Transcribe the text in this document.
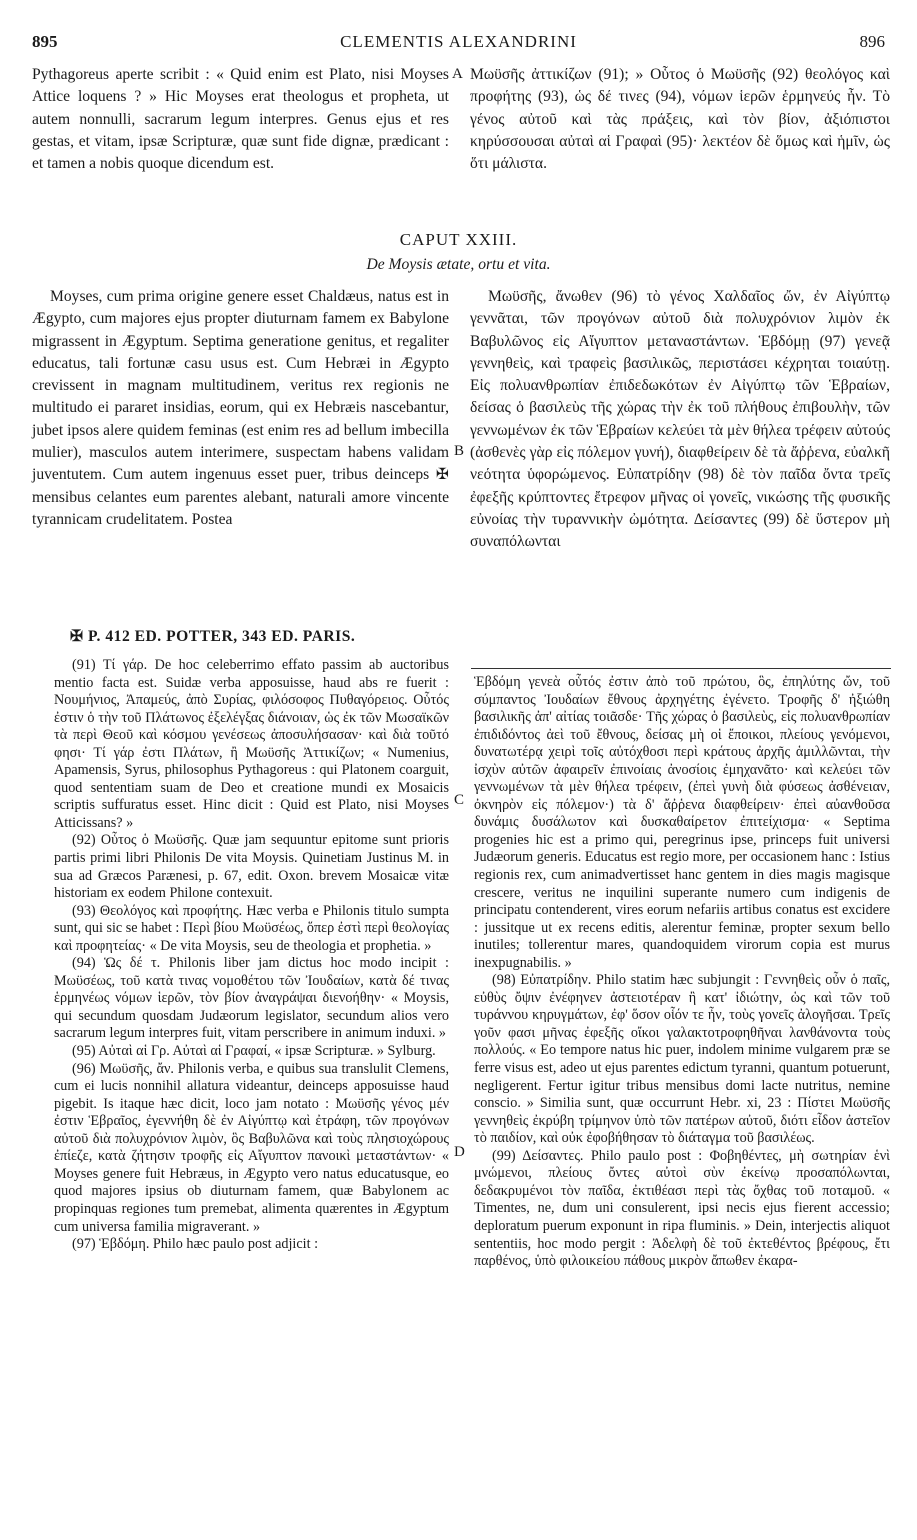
895	CLEMENTIS ALEXANDRINI	896
Pythagoreus aperte scribit : « Quid enim est Plato, nisi Moyses Attice loquens ? » Hic Moyses erat theologus et propheta, ut autem nonnulli, sacrarum legum interpres. Genus ejus et res gestas, et vitam, ipsæ Scripturæ, quæ sunt fide dignæ, prædicant : et tamen a nobis quoque dicendum est.
Μωϋσῆς ἀττικίζων (91); » Οὗτος ὁ Μωϋσῆς (92) θεολόγος καὶ προφήτης (93), ὡς δέ τινες (94), νόμων ἱερῶν ἑρμηνεύς ἦν. Τὸ γένος αὐτοῦ καὶ τὰς πράξεις, καὶ τὸν βίον, ἀξιόπιστοι κηρύσσουσαι αὐταὶ αἱ Γραφαὶ (95)· λεκτέον δὲ ὅμως καὶ ἡμῖν, ὡς ὅτι μάλιστα.
CAPUT XXIII.
De Moysis ætate, ortu et vita.

Moyses, cum prima origine genere esset Chaldæus, natus est in Ægypto, cum majores ejus propter diuturnam famem ex Babylone migrassent in Ægyptum. Septima generatione genitus, et regaliter educatus, tali fortunæ casu usus est. Cum Hebræi in Ægypto crevissent in magnam multitudinem, veritus rex regionis ne multitudo ei pararet insidias, eorum, qui ex Hebræis nascebantur, jubet ipsos alere quidem feminas (est enim res ad bellum imbecilla mulier), masculos autem interimere, suspectam habens validam juventutem. Cum autem ingenuus esset puer, tribus deinceps ✠ mensibus celantes eum parentes alebant, naturali amore vincente tyrannicam crudelitatem. Postea

Μωϋσῆς, ἄνωθεν (96) τὸ γένος Χαλδαῖος ὤν, ἐν Αἰγύπτῳ γεννᾶται, τῶν προγόνων αὐτοῦ διὰ πολυχρόνιον λιμὸν ἐκ Βαβυλῶνος εἰς Αἴγυπτον μεταναστάντων. Ἑβδόμῃ (97) γενεᾷ γεννηθεὶς, καὶ τραφεὶς βασιλικῶς, περιστάσει κέχρηται τοιαύτῃ. Εἰς πολυανθρωπίαν ἐπιδεδωκότων ἐν Αἰγύπτῳ τῶν Ἑβραίων, δείσας ὁ βασιλεὺς τῆς χώρας τὴν ἐκ τοῦ πλήθους ἐπιβουλὴν, τῶν γεννωμένων ἐκ τῶν Ἑβραίων κελεύει τὰ μὲν θήλεα τρέφειν αὐτούς (ἀσθενὲς γὰρ εἰς πόλεμον γυνή), διαφθείρειν δὲ τὰ ἄῤῥενα, εὐαλκῆ νεότητα ὑφορώμενος. Εὐπατρίδην (98) δὲ τὸν παῖδα ὄντα τρεῖς ἐφεξῆς κρύπτοντες ἔτρεφον μῆνας οἱ γονεῖς, νικώσης τῆς φυσικῆς εὐνοίας τὴν τυραννικὴν ὠμότητα. Δείσαντες (99) δὲ ὕστερον μὴ συναπόλωνται

✠ P. 412 ED. POTTER, 343 ED. PARIS.

(91) Τί γάρ. De hoc celeberrimo effato passim ab auctoribus mentio facta est. Suidæ verba apposuisse, haud abs re fuerit : Νουμήνιος, Ἀπαμεύς, ἀπὸ Συρίας, φιλόσοφος Πυθαγόρειος. Οὗτός ἐστιν ὁ τὴν τοῦ Πλάτωνος ἐξελέγξας διάνοιαν, ὡς ἐκ τῶν Μωσαϊκῶν τὰ περὶ Θεοῦ καὶ κόσμου γενέσεως ἀποσυλήσασαν· καὶ διὰ τοῦτό φησι· Τί γάρ ἐστι Πλάτων, ἢ Μωϋσῆς Ἀττικίζων; « Numenius, Apamensis, Syrus, philosophus Pythagoreus : qui Platonem coarguit, quod sententiam suam de Deo et creatione mundi ex Mosaicis scriptis suffuratus esset. Hinc dicit : Quid est Plato, nisi Moyses Atticissans? »

(92) Οὗτος ὁ Μωϋσῆς. Quæ jam sequuntur epitome sunt prioris partis primi libri Philonis De vita Moysis. Quinetiam Justinus M. in sua ad Græcos Parænesi, p. 67, edit. Oxon. brevem Mosaicæ vitæ historiam ex eodem Philone contexuit.

(93) Θεολόγος καὶ προφήτης. Hæc verba e Philonis titulo sumpta sunt, qui sic se habet : Περὶ βίου Μωϋσέως, ὅπερ ἐστὶ περὶ θεολογίας καὶ προφητείας· « De vita Moysis, seu de theologia et prophetia. »

(94) Ὡς δέ τ. Philonis liber jam dictus hoc modo incipit : Μωϋσέως, τοῦ κατὰ τινας νομοθέτου τῶν Ἰουδαίων, κατὰ δέ τινας ἑρμηνέως νόμων ἱερῶν, τὸν βίον ἀναγράψαι διενοήθην· « Moysis, qui secundum quosdam Judæorum legislator, secundum alios vero sacrarum legum interpres fuit, vitam perscribere in animum induxi. »

(95) Αὐταὶ αἱ Γρ. Αὐταὶ αἱ Γραφαί, « ipsæ Scripturæ. » Sylburg.

(96) Μωϋσῆς, ἄν. Philonis verba, e quibus sua translulit Clemens, cum ei lucis nonnihil allatura videantur, deinceps apposuisse haud pigebit. Is itaque hæc dicit, loco jam notato : Μωϋσῆς γένος μέν ἐστιν Ἑβραῖος, ἐγεννήθη δὲ ἐν Αἰγύπτῳ καὶ ἐτράφη, τῶν προγόνων αὐτοῦ διὰ πολυχρόνιον λιμὸν, ὃς Βαβυλῶνα καὶ τοὺς πλησιοχώρους ἐπίεζε, κατὰ ζήτησιν τροφῆς εἰς Αἴγυπτον πανοικὶ μεταστάντων· « Moyses genere fuit Hebræus, in Ægypto vero natus educatusque, eo quod majores ipsius ob diuturnam famem, quæ Babylonem ac propinquas regiones tum premebat, alimenta quærentes in Ægyptum cum universa familia migraverant. »

(97) Ἑβδόμη. Philo hæc paulo post adjicit :

Ἑβδόμη γενεὰ οὗτός ἐστιν ἀπὸ τοῦ πρώτου, ὃς, ἐπηλύτης ὤν, τοῦ σύμπαντος Ἰουδαίων ἔθνους ἀρχηγέτης ἐγένετο. Τροφῆς δ' ἠξιώθη βασιλικῆς ἀπ' αἰτίας τοιᾶσδε· Τῆς χώρας ὁ βασιλεὺς, εἰς πολυανθρωπίαν ἐπιδιδόντος ἀεὶ τοῦ ἔθνους, δείσας μὴ οἱ ἔποικοι, πλείους γενόμενοι, δυνατωτέρᾳ χειρὶ τοῖς αὐτόχθοσι περὶ κράτους ἀρχῆς ἁμιλλῶνται, τὴν ἰσχὺν αὐτῶν ἀφαιρεῖν ἐπινοίαις ἀνοσίοις ἐμηχανᾶτο· καὶ κελεύει τῶν γεννωμένων τὰ μὲν θήλεα τρέφειν, (ἐπεὶ γυνὴ διὰ φύσεως ἀσθένειαν, ὀκνηρὸν εἰς πόλεμον·) τὰ δ' ἄῤῥενα διαφθείρειν· ἐπεὶ αὐανθοῦσα δυνάμις δυσάλωτον καὶ δυσκαθαίρετον ἐπιτείχισμα· « Septima progenies hic est a primo qui, peregrinus ipse, princeps fuit universi Judæorum generis. Educatus est regio more, per occasionem hanc : Istius regionis rex, cum animadvertisset hanc gentem in dies magis magisque crescere, veritus ne inquilini superante numero cum indigenis de principatu contenderent, vires eorum nefariis artibus conatus est excidere : jussitque ut ex recens editis, alerentur feminæ, propter sexum bello inutiles; tollerentur mares, quandoquidem virorum copia est murus inexpugnabilis. »

(98) Εὐπατρίδην. Philo statim hæc subjungit : Γεννηθεὶς οὖν ὁ παῖς, εὐθὺς ὄψιν ἐνέφηνεν ἀστειοτέραν ἢ κατ' ἰδιώτην, ὡς καὶ τῶν τοῦ τυράννου κηρυγμάτων, ἐφ' ὅσον οἷόν τε ἦν, τοὺς γονεῖς ἀλογῆσαι. Τρεῖς γοῦν φασι μῆνας ἐφεξῆς οἴκοι γαλακτοτροφηθῆναι λανθάνοντα τοὺς πολλούς. « Eo tempore natus hic puer, indolem minime vulgarem præ se ferre visus est, adeo ut ejus parentes edictum tyranni, quantum potuerunt, negligerent. Fertur igitur tribus mensibus domi lacte nutritus, nemine conscio. » Similia sunt, quæ occurrunt Hebr. xi, 23 : Πίστει Μωϋσῆς γεννηθεὶς ἐκρύβη τρίμηνον ὑπὸ τῶν πατέρων αὐτοῦ, διότι εἶδον ἀστεῖον τὸ παιδίον, καὶ οὐκ ἐφοβήθησαν τὸ διάταγμα τοῦ βασιλέως.

(99) Δείσαντες. Philo paulo post : Φοβηθέντες, μὴ σωτηρίαν ἑνὶ μνώμενοι, πλείους ὄντες αὐτοὶ σὺν ἐκείνῳ προσαπόλωνται, δεδακρυμένοι τὸν παῖδα, ἐκτιθέασι περὶ τὰς ὄχθας τοῦ ποταμοῦ. « Timentes, ne, dum uni consulerent, ipsi necis ejus fierent accessio; deploratum puerum exponunt in ripa fluminis. » Dein, interjectis aliquot sententiis, hoc modo pergit : Ἀδελφὴ δὲ τοῦ ἐκτεθέντος βρέφους, ἔτι παρθένος, ὑπὸ φιλοικείου πάθους μικρὸν ἄπωθεν ἐκαρα-

A
B
C
D
